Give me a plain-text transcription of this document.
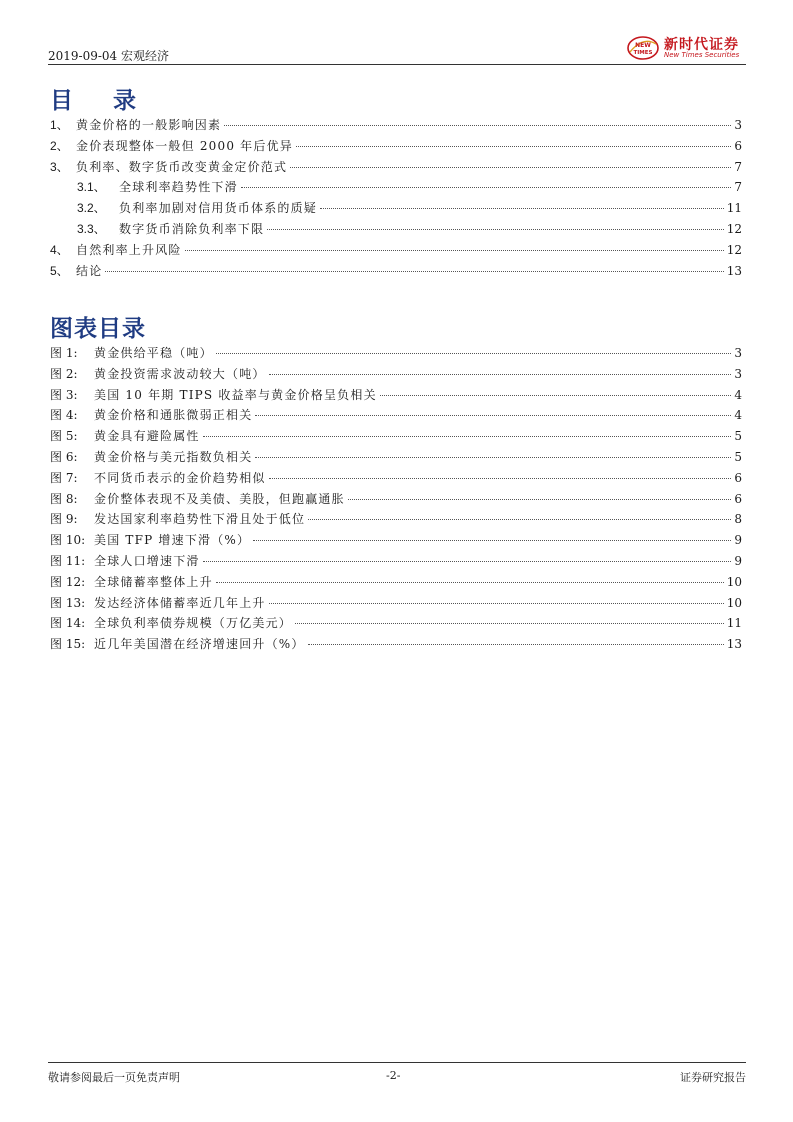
2019-09-04 宏观经济
NEW
TIMES 新时代证券
New Times Securities
目 录
1、 黄金价格的一般影响因素	3
2、 金价表现整体一般但 2000 年后优异	6
3、 负利率、数字货币改变黄金定价范式	7
3.1、	全球利率趋势性下滑	7
3.2、	负利率加剧对信用货币体系的质疑	11
3.3、	数字货币消除负利率下限	12
4、 自然利率上升风险	12
5、 结论	13
图表目录
图 1:	黄金供给平稳（吨）	3
图 2:	黄金投资需求波动较大（吨）	3
图 3:	美国 10 年期 TIPS 收益率与黄金价格呈负相关	4
图 4:	黄金价格和通胀微弱正相关	4
图 5:	黄金具有避险属性	5
图 6:	黄金价格与美元指数负相关	5
图 7:	不同货币表示的金价趋势相似	6
图 8:	金价整体表现不及美债、美股，但跑赢通胀	6
图 9:	发达国家利率趋势性下滑且处于低位	8
图 10: 美国 TFP 增速下滑（%）	9
图 11: 全球人口增速下滑	9
图 12: 全球储蓄率整体上升	10
图 13: 发达经济体储蓄率近几年上升	10
图 14: 全球负利率债券规模（万亿美元）	11
图 15: 近几年美国潜在经济增速回升（%）	13
敬请参阅最后一页免责声明	-2-	证券研究报告
